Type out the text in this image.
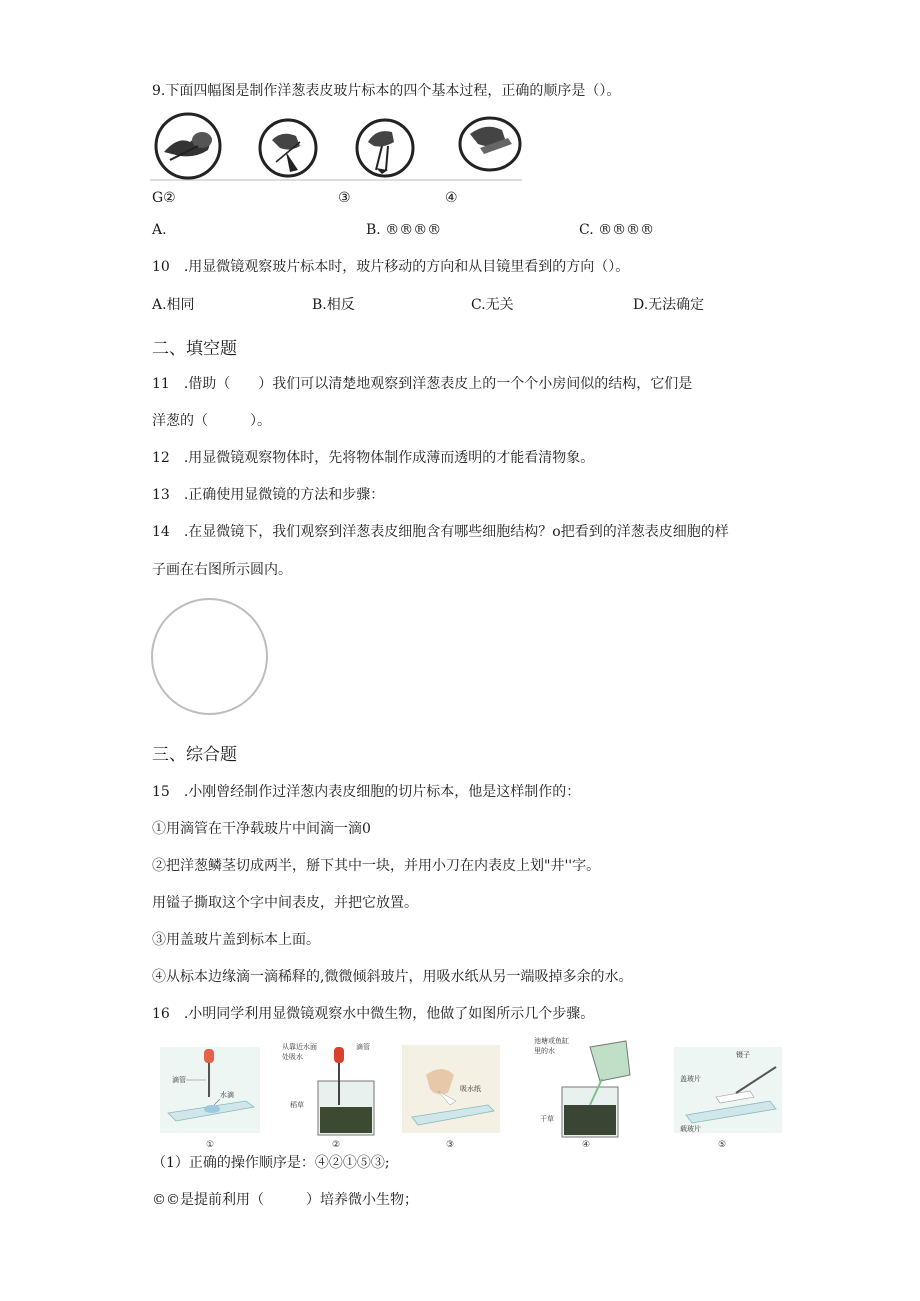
9.下面四幅图是制作洋葱表皮玻片标本的四个基本过程，正确的顺序是（）。
G②	③	④
A.	B. ®®®®	C. ®®®®
10　.用显微镜观察玻片标本时，玻片移动的方向和从目镜里看到的方向（）。
A.相同	B.相反	C.无关	D.无法确定
二、填空题
11　.借助（　　）我们可以清楚地观察到洋葱表皮上的一个个小房间似的结构，它们是
洋葱的（　　　）。
12　.用显微镜观察物体时，先将物体制作成薄而透明的才能看清物象。
13　.正确使用显微镜的方法和步骤：
14　.在显微镜下，我们观察到洋葱表皮细胞含有哪些细胞结构？o把看到的洋葱表皮细胞的样
子画在右图所示圆内。
三、综合题
15　.小刚曾经制作过洋葱内表皮细胞的切片标本，他是这样制作的：
①用滴管在干净载玻片中间滴一滴0
②把洋葱鳞茎切成两半，掰下其中一块，并用小刀在内表皮上划"井''字。
用镒子撕取这个字中间表皮，并把它放置。
③用盖玻片盖到标本上面。
④从标本边缘滴一滴稀释的,微微倾斜玻片，用吸水纸从另一端吸掉多余的水。
16　.小明同学利用显微镜观察水中微生物，他做了如图所示几个步骤。
滴管
水滴
①
从靠近水面
处吸水
滴管
稻草
②
吸水纸
③
池塘或鱼缸
里的水
干草
④
镊子
盖玻片
载玻片
⑤
（1）正确的操作顺序是：④②①⑤③;
©©是提前利用（　　　）培养微小生物；
